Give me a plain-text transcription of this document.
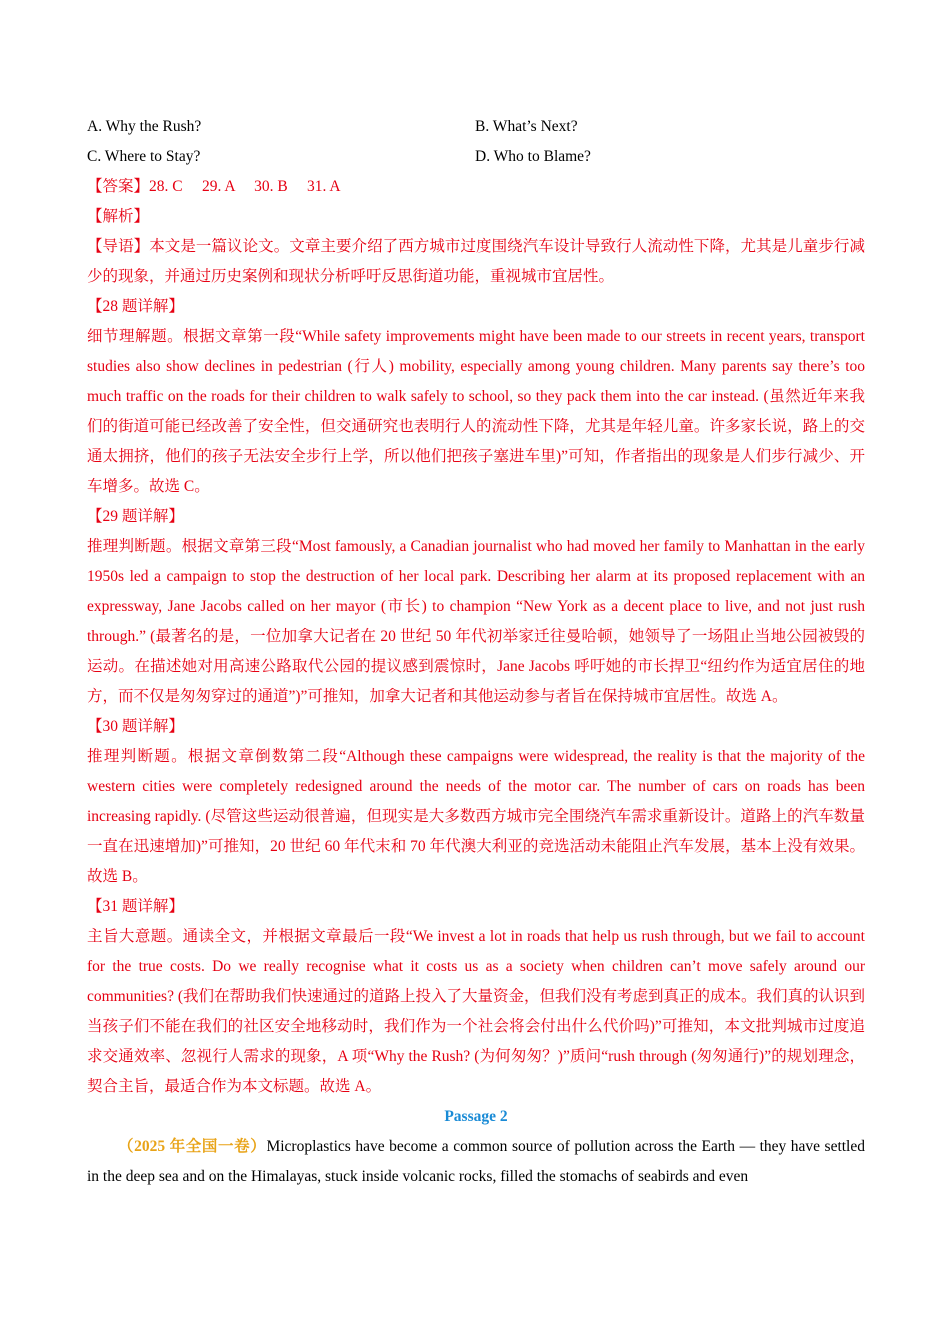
A. Why the Rush?	B. What’s Next?
C. Where to Stay?	D. Who to Blame?
【答案】28. C　 29. A　 30. B　 31. A
【解析】
【导语】本文是一篇议论文。文章主要介绍了西方城市过度围绕汽车设计导致行人流动性下降，尤其是儿童步行减少的现象，并通过历史案例和现状分析呼吁反思街道功能，重视城市宜居性。
【28 题详解】
细节理解题。根据文章第一段“While safety improvements might have been made to our streets in recent years, transport studies also show declines in pedestrian (行人) mobility, especially among young children. Many parents say there’s too much traffic on the roads for their children to walk safely to school, so they pack them into the car instead. (虽然近年来我们的街道可能已经改善了安全性，但交通研究也表明行人的流动性下降，尤其是年轻儿童。许多家长说，路上的交通太拥挤，他们的孩子无法安全步行上学，所以他们把孩子塞进车里)”可知，作者指出的现象是人们步行减少、开车增多。故选 C。
【29 题详解】
推理判断题。根据文章第三段“Most famously, a Canadian journalist who had moved her family to Manhattan in the early 1950s led a campaign to stop the destruction of her local park. Describing her alarm at its proposed replacement with an expressway, Jane Jacobs called on her mayor (市长) to champion “New York as a decent place to live, and not just rush through.” (最著名的是，一位加拿大记者在 20 世纪 50 年代初举家迁往曼哈顿，她领导了一场阻止当地公园被毁的运动。在描述她对用高速公路取代公园的提议感到震惊时，Jane Jacobs 呼吁她的市长捍卫“纽约作为适宜居住的地方，而不仅是匆匆穿过的通道”)”可推知，加拿大记者和其他运动参与者旨在保持城市宜居性。故选 A。
【30 题详解】
推理判断题。根据文章倒数第二段“Although these campaigns were widespread, the reality is that the majority of the western cities were completely redesigned around the needs of the motor car. The number of cars on roads has been increasing rapidly. (尽管这些运动很普遍，但现实是大多数西方城市完全围绕汽车需求重新设计。道路上的汽车数量一直在迅速增加)”可推知，20 世纪 60 年代末和 70 年代澳大利亚的竞选活动未能阻止汽车发展，基本上没有效果。故选 B。
【31 题详解】
主旨大意题。通读全文，并根据文章最后一段“We invest a lot in roads that help us rush through, but we fail to account for the true costs. Do we really recognise what it costs us as a society when children can’t move safely around our communities? (我们在帮助我们快速通过的道路上投入了大量资金，但我们没有考虑到真正的成本。我们真的认识到当孩子们不能在我们的社区安全地移动时，我们作为一个社会将会付出什么代价吗)”可推知，本文批判城市过度追求交通效率、忽视行人需求的现象，A 项“Why the Rush? (为何匆匆？)”质问“rush through (匆匆通行)”的规划理念，契合主旨，最适合作为本文标题。故选 A。
Passage 2
（2025 年全国一卷）Microplastics have become a common source of pollution across the Earth — they have settled in the deep sea and on the Himalayas, stuck inside volcanic rocks, filled the stomachs of seabirds and even
